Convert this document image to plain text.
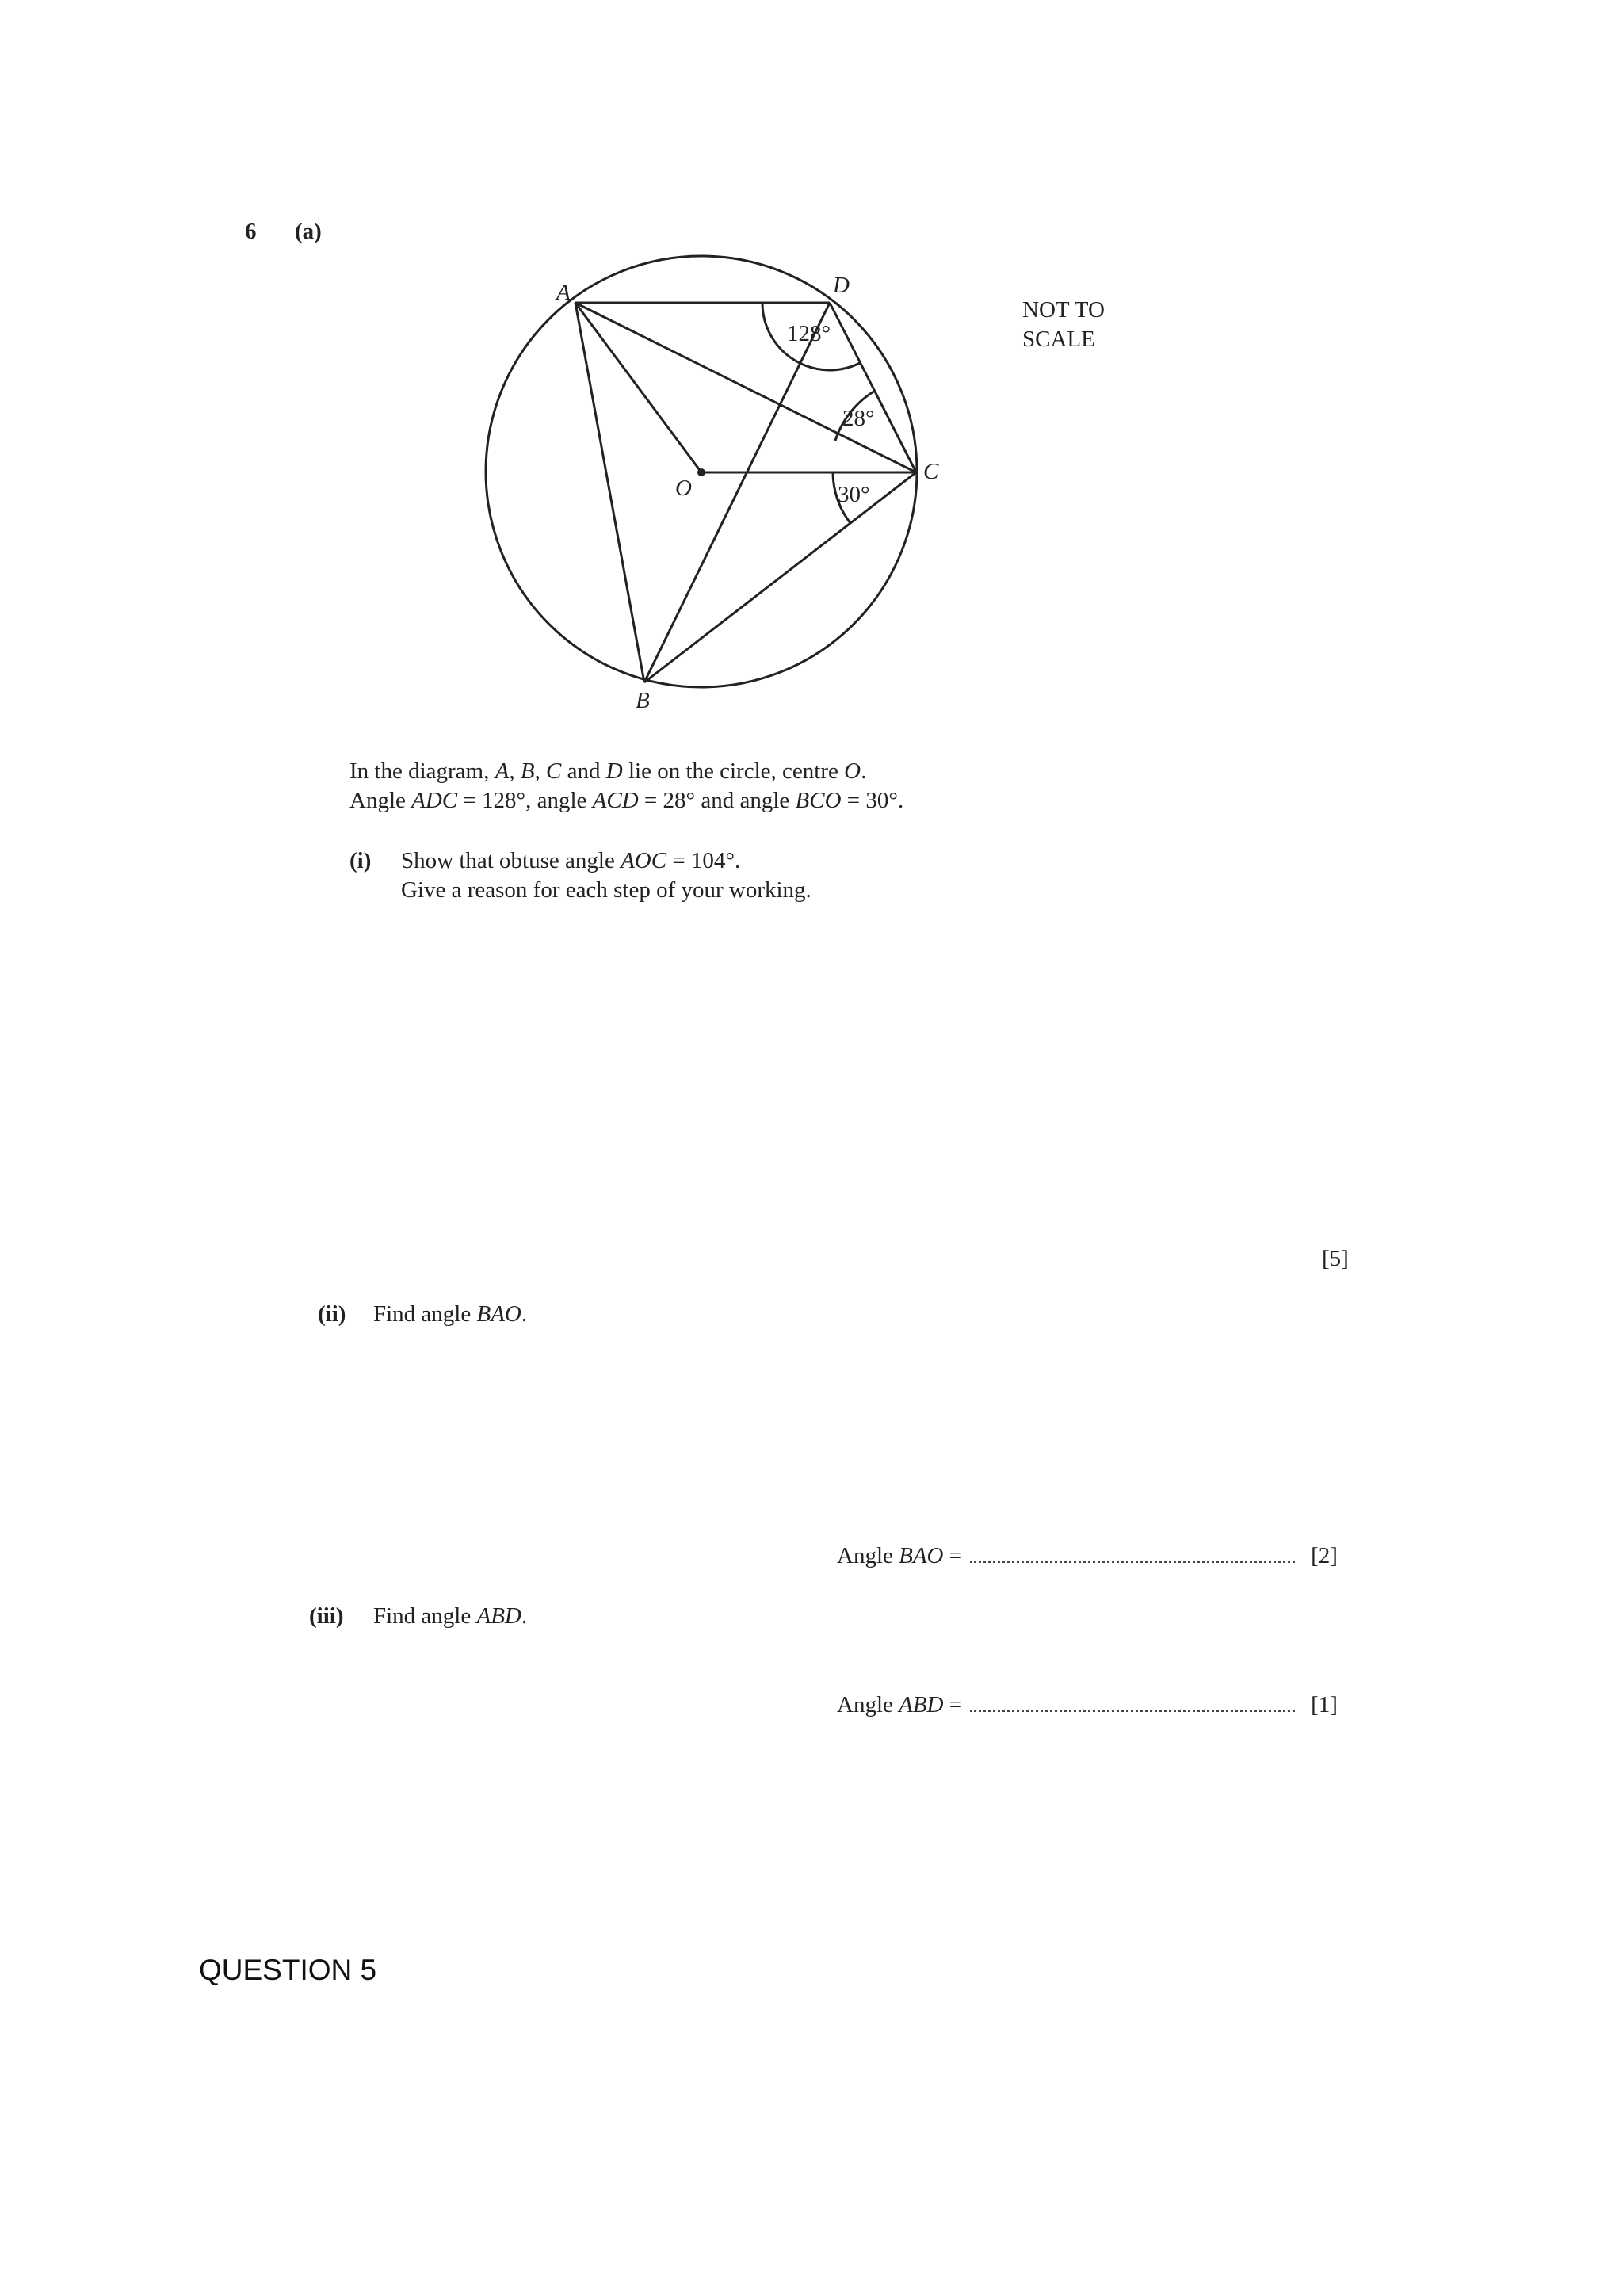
6 (a)
A	D
C
O
B
128°
28°
30°
NOT TO
SCALE
In the diagram, A, B, C and D lie on the circle, centre O.
Angle ADC = 128°, angle ACD = 28° and angle BCO = 30°.
(i) Show that obtuse angle AOC = 104°.
Give a reason for each step of your working.
[5]
(ii) Find angle BAO.
Angle BAO =	[2]
(iii) Find angle ABD.
Angle ABD =	[1]
QUESTION 5
